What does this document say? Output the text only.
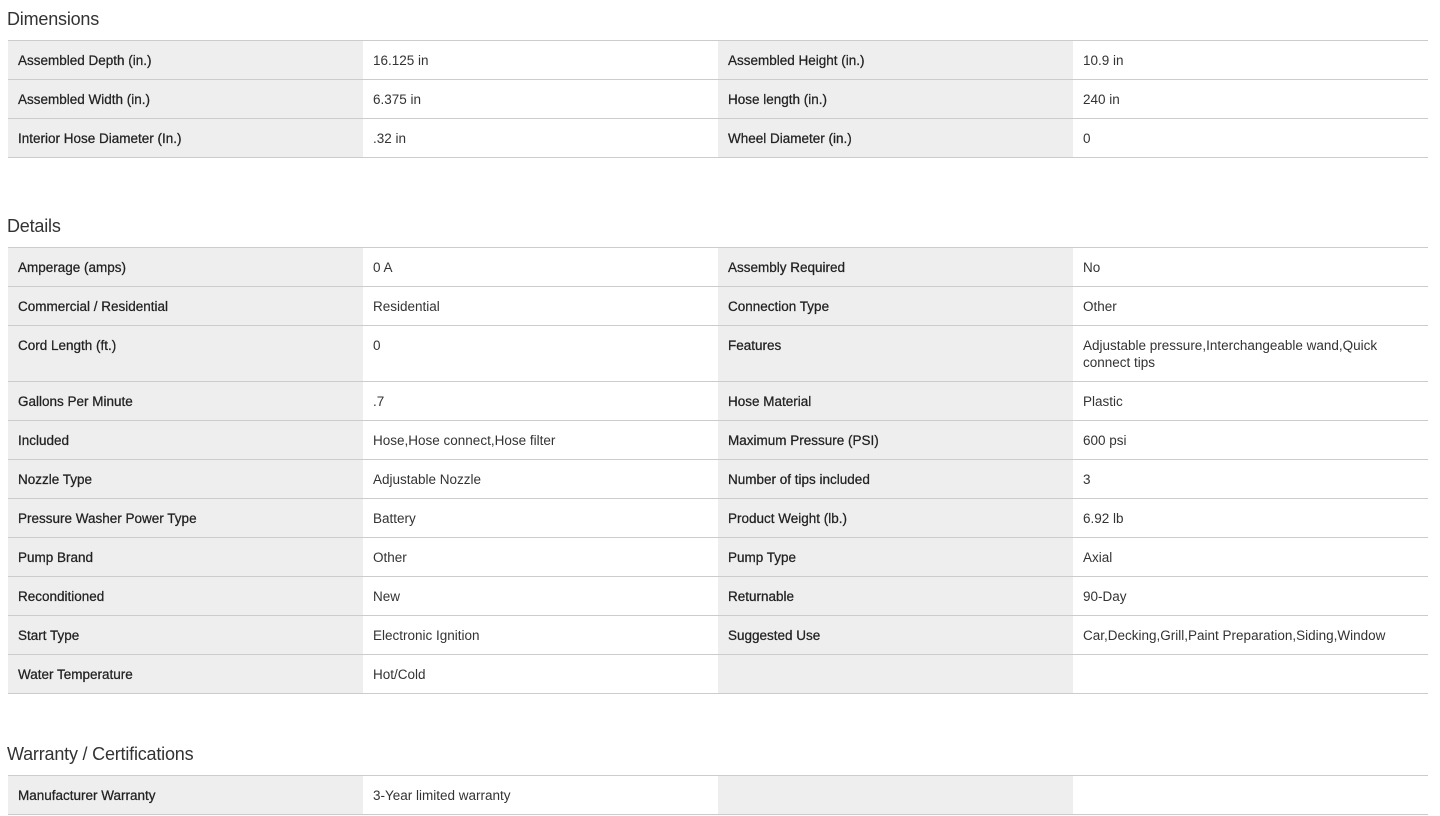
Dimensions
Assembled Depth (in.)	16.125 in	Assembled Height (in.)	10.9 in
Assembled Width (in.)	6.375 in	Hose length (in.)	240 in
Interior Hose Diameter (In.)	.32 in	Wheel Diameter (in.)	0
Details
Amperage (amps)	0 A	Assembly Required	No
Commercial / Residential	Residential	Connection Type	Other
Cord Length (ft.)	0	Features	Adjustable pressure,Interchangeable wand,Quick connect tips
Gallons Per Minute	.7	Hose Material	Plastic
Included	Hose,Hose connect,Hose filter	Maximum Pressure (PSI)	600 psi
Nozzle Type	Adjustable Nozzle	Number of tips included	3
Pressure Washer Power Type	Battery	Product Weight (lb.)	6.92 lb
Pump Brand	Other	Pump Type	Axial
Reconditioned	New	Returnable	90-Day
Start Type	Electronic Ignition	Suggested Use	Car,Decking,Grill,Paint Preparation,Siding,Window
Water Temperature	Hot/Cold
Warranty / Certifications
Manufacturer Warranty	3-Year limited warranty
